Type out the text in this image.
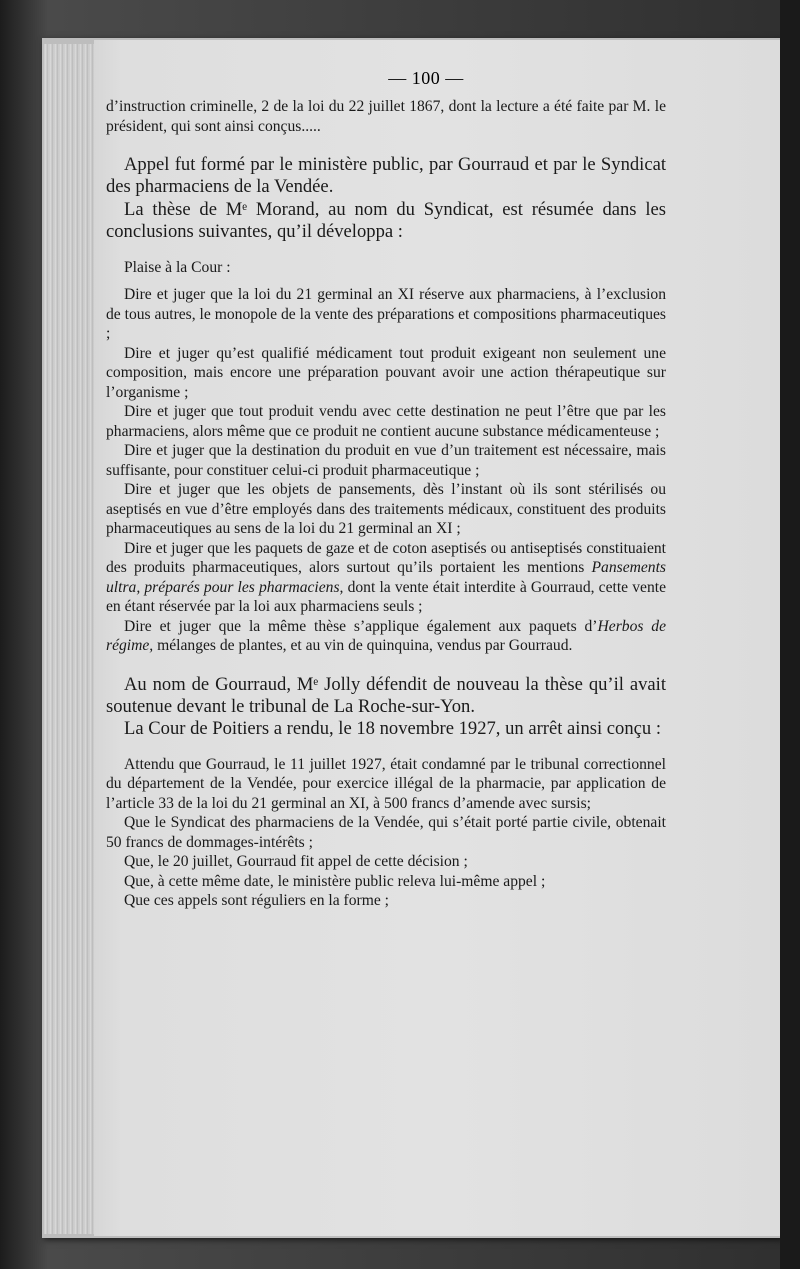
— 100 —

d’instruction criminelle, 2 de la loi du 22 juillet 1867, dont la lecture a été faite par M. le président, qui sont ainsi conçus.....

Appel fut formé par le ministère public, par Gourraud et par le Syndicat des pharmaciens de la Vendée.

La thèse de Mᵉ Morand, au nom du Syndicat, est résumée dans les conclusions suivantes, qu’il développa :

Plaise à la Cour :

Dire et juger que la loi du 21 germinal an XI réserve aux pharmaciens, à l’exclusion de tous autres, le monopole de la vente des préparations et compositions pharmaceutiques ;

Dire et juger qu’est qualifié médicament tout produit exigeant non seulement une composition, mais encore une préparation pouvant avoir une action thérapeutique sur l’organisme ;

Dire et juger que tout produit vendu avec cette destination ne peut l’être que par les pharmaciens, alors même que ce produit ne contient aucune substance médicamenteuse ;

Dire et juger que la destination du produit en vue d’un traitement est nécessaire, mais suffisante, pour constituer celui-ci produit pharmaceutique ;

Dire et juger que les objets de pansements, dès l’instant où ils sont stérilisés ou aseptisés en vue d’être employés dans des traitements médicaux, constituent des produits pharmaceutiques au sens de la loi du 21 germinal an XI ;

Dire et juger que les paquets de gaze et de coton aseptisés ou antiseptisés constituaient des produits pharmaceutiques, alors surtout qu’ils portaient les mentions Pansements ultra, préparés pour les pharmaciens, dont la vente était interdite à Gourraud, cette vente en étant réservée par la loi aux pharmaciens seuls ;

Dire et juger que la même thèse s’applique également aux paquets d’Herbos de régime, mélanges de plantes, et au vin de quinquina, vendus par Gourraud.

Au nom de Gourraud, Mᵉ Jolly défendit de nouveau la thèse qu’il avait soutenue devant le tribunal de La Roche-sur-Yon.

La Cour de Poitiers a rendu, le 18 novembre 1927, un arrêt ainsi conçu :

Attendu que Gourraud, le 11 juillet 1927, était condamné par le tribunal correctionnel du département de la Vendée, pour exercice illégal de la pharmacie, par application de l’article 33 de la loi du 21 germinal an XI, à 500 francs d’amende avec sursis;

Que le Syndicat des pharmaciens de la Vendée, qui s’était porté partie civile, obtenait 50 francs de dommages-intérêts ;

Que, le 20 juillet, Gourraud fit appel de cette décision ;

Que, à cette même date, le ministère public releva lui-même appel ;

Que ces appels sont réguliers en la forme ;
